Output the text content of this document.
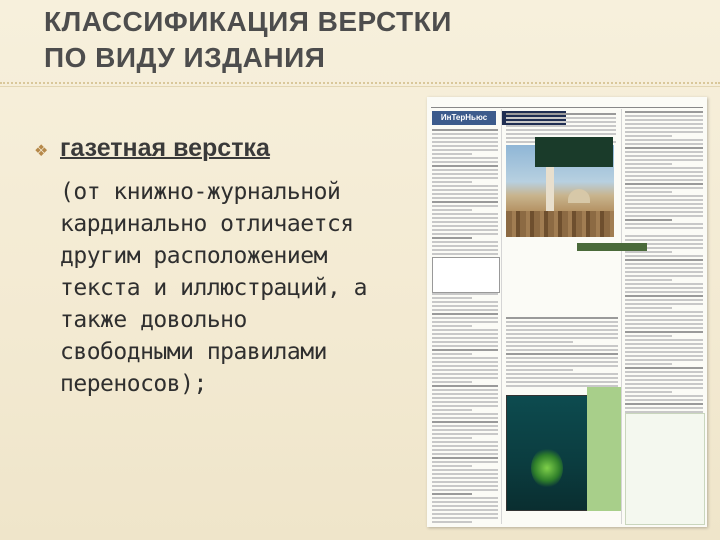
КЛАССИФИКАЦИЯ ВЕРСТКИ
ПО ВИДУ ИЗДАНИЯ
❖ газетная верстка
(от книжно-журнальной
кардинально отличается
другим расположением
текста и иллюстраций, а
также довольно
свободными правилами
переносов);
ИнТерНьюс
